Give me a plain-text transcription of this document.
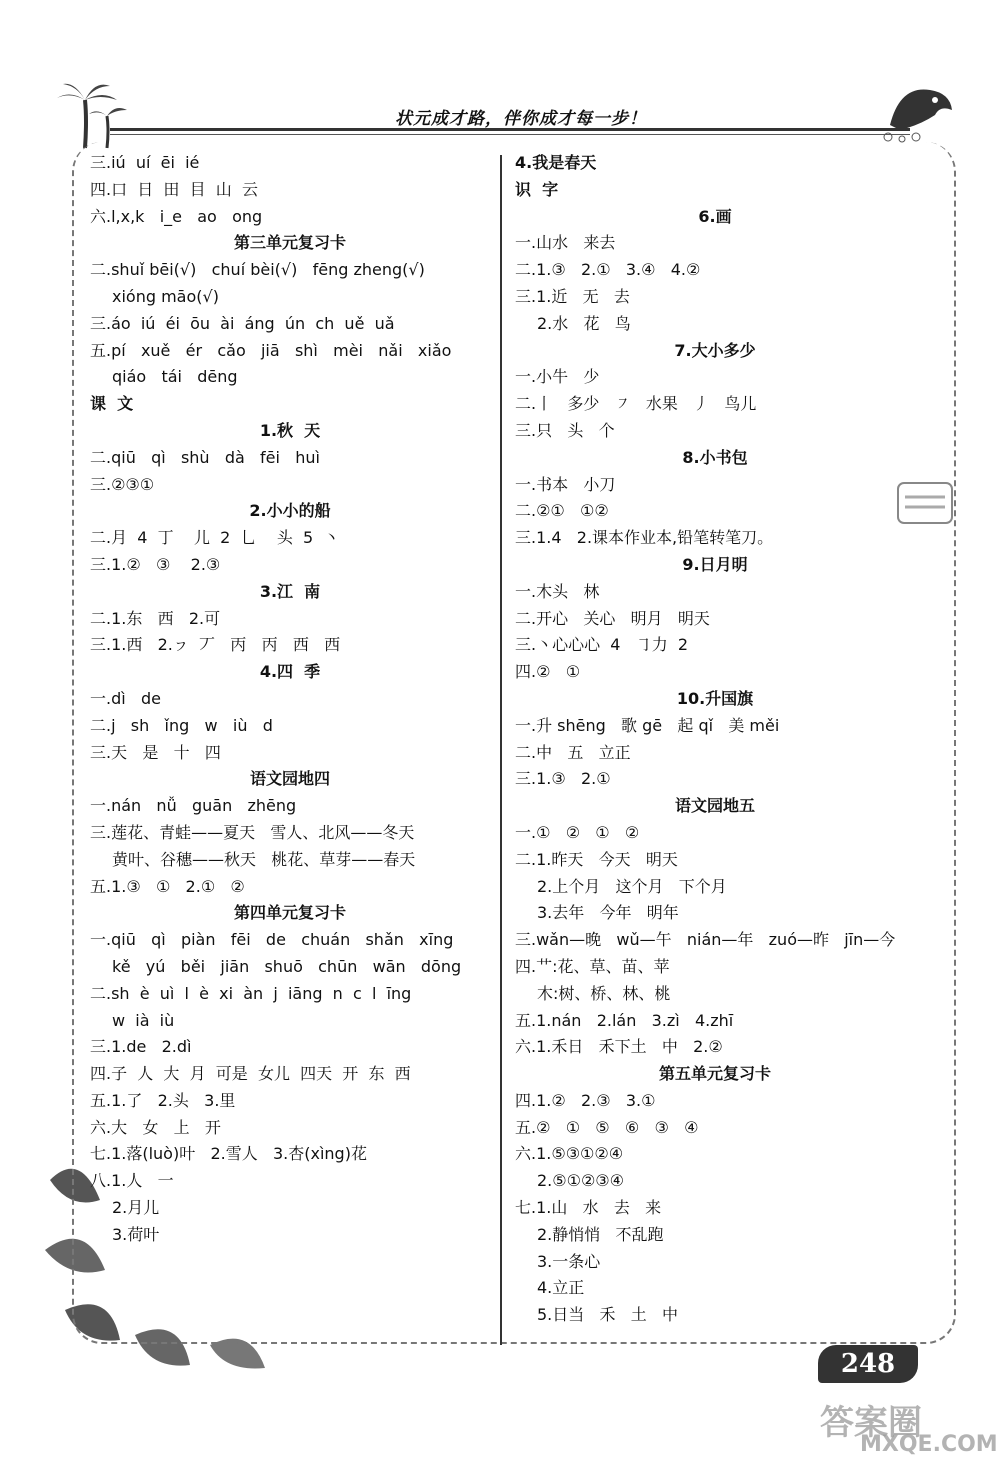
状元成才路，伴你成才每一步！
三.iú  uí  ēi  ié
四.口  日  田  目  山  云
六.l,x,k   i_e   ao   ong
第三单元复习卡
二.shuǐ bēi(√)   chuí bèi(√)   fēng zheng(√)
xióng māo(√)
三.áo  iú  éi  ōu  ài  áng  ún  ch  uě  uǎ
五.pí   xuě   ér   cǎo   jiā   shì   mèi   nǎi   xiǎo
qiáo   tái   dēng
课  文
1.秋  天
二.qiū   qì   shù   dà   fēi   huì
三.②③①
2.小小的船
二.月  4  丁    儿  2  乚    头  5  丶
三.1.②   ③    2.③
3.江  南
二.1.东   西   2.可
三.1.西   2.ㇷ  丆   丙   丙   西   西
4.四  季
一.dì   de
二.j   sh   ǐng   w   iù   d
三.天   是   十   四
语文园地四
一.nán   nǚ   guān   zhēng
三.莲花、青蛙——夏天   雪人、北风——冬天
黄叶、谷穗——秋天   桃花、草芽——春天
五.1.③   ①   2.①   ②
第四单元复习卡
一.qiū   qì   piàn   fēi   de   chuán   shǎn   xīng
kě   yú   běi   jiān   shuō   chūn   wān   dōng
二.sh  è  uì  l  è  xi  àn  j  iāng  n  c  l  īng
w  ià  iù
三.1.de   2.dì
四.子  人  大  月  可是  女儿  四天  开  东  西
五.1.了   2.头   3.里
六.大   女   上   开
七.1.落(luò)叶   2.雪人   3.杏(xìng)花
八.1.人   一
2.月儿
3.荷叶
4.我是春天
识  字
6.画
一.山水   来去
二.1.③   2.①   3.④   4.②
三.1.近   无   去
2.水   花   鸟
7.大小多少
一.小牛   少
二.丨   多少   ㇇   水果   丿   鸟儿
三.只   头   个
8.小书包
一.书本   小刀
二.②①   ①②
三.1.4   2.课本作业本,铅笔转笔刀。
9.日月明
一.木头   林
二.开心   关心   明月   明天
三.丶心心心  4   ㇆力  2
四.②   ①
10.升国旗
一.升 shēng   歌 gē   起 qǐ   美 měi
二.中   五   立正
三.1.③   2.①
语文园地五
一.①   ②   ①   ②
二.1.昨天   今天   明天
2.上个月   这个月   下个月
3.去年   今年   明年
三.wǎn—晚   wǔ—午   nián—年   zuó—昨   jīn—今
四.艹:花、草、苗、苹
木:树、桥、林、桃
五.1.nán   2.lán   3.zì   4.zhī
六.1.禾日   禾下土   中   2.②
第五单元复习卡
四.1.②   2.③   3.①
五.②   ①   ⑤   ⑥   ③   ④
六.1.⑤③①②④
2.⑤①②③④
七.1.山   水   去   来
2.静悄悄   不乱跑
3.一条心
4.立正
5.日当   禾   土   中
248
答案圈
MXQE.COM
